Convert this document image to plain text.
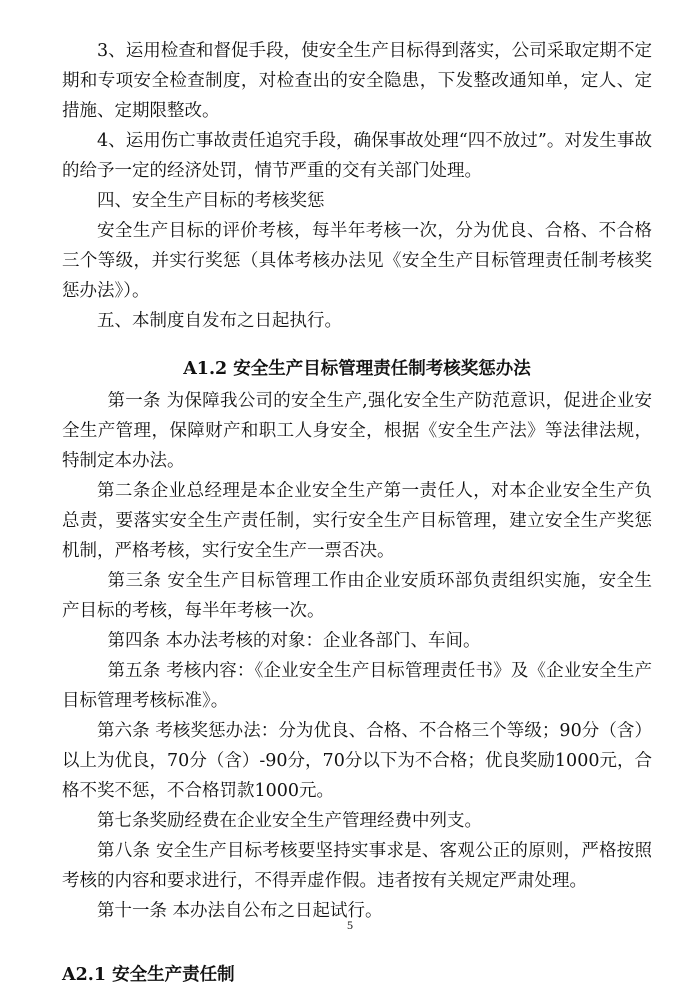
3、运用检查和督促手段，使安全生产目标得到落实，公司采取定期不定期和专项安全检查制度，对检查出的安全隐患，下发整改通知单，定人、定措施、定期限整改。

4、运用伤亡事故责任追究手段，确保事故处理“四不放过”。对发生事故的给予一定的经济处罚，情节严重的交有关部门处理。

四、安全生产目标的考核奖惩

安全生产目标的评价考核，每半年考核一次，分为优良、合格、不合格三个等级，并实行奖惩（具体考核办法见《安全生产目标管理责任制考核奖惩办法》）。

五、本制度自发布之日起执行。

A1.2 安全生产目标管理责任制考核奖惩办法

第一条 为保障我公司的安全生产,强化安全生产防范意识，促进企业安全生产管理，保障财产和职工人身安全，根据《安全生产法》等法律法规，特制定本办法。

第二条企业总经理是本企业安全生产第一责任人，对本企业安全生产负总责，要落实安全生产责任制，实行安全生产目标管理，建立安全生产奖惩机制，严格考核，实行安全生产一票否决。

第三条 安全生产目标管理工作由企业安质环部负责组织实施，安全生产目标的考核，每半年考核一次。

第四条 本办法考核的对象：企业各部门、车间。

第五条 考核内容：《企业安全生产目标管理责任书》及《企业安全生产目标管理考核标准》。

第六条 考核奖惩办法：分为优良、合格、不合格三个等级；90分（含）以上为优良，70分（含）-90分，70分以下为不合格；优良奖励1000元，合格不奖不惩，不合格罚款1000元。

第七条奖励经费在企业安全生产管理经费中列支。

第八条 安全生产目标考核要坚持实事求是、客观公正的原则，严格按照考核的内容和要求进行，不得弄虚作假。违者按有关规定严肃处理。

第十一条 本办法自公布之日起试行。

A2.1 安全生产责任制
5
